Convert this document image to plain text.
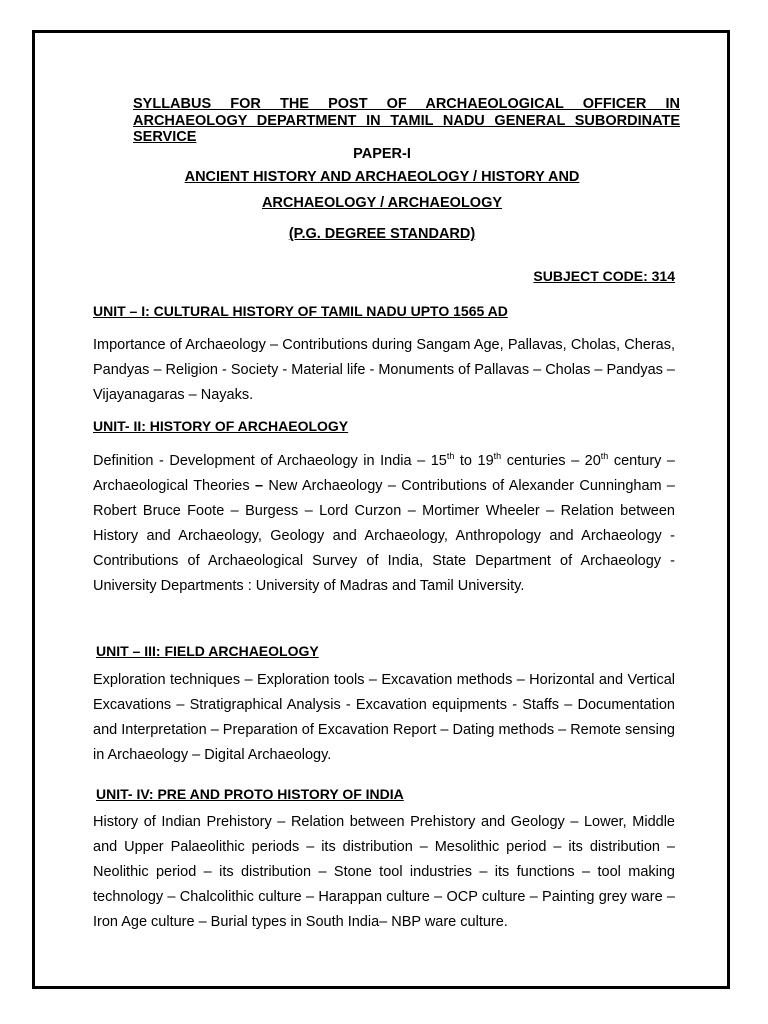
SYLLABUS FOR THE POST OF ARCHAEOLOGICAL OFFICER IN ARCHAEOLOGY DEPARTMENT IN TAMIL NADU GENERAL SUBORDINATE SERVICE
PAPER-I
ANCIENT HISTORY AND ARCHAEOLOGY / HISTORY AND
ARCHAEOLOGY / ARCHAEOLOGY
(P.G. DEGREE STANDARD)
SUBJECT CODE: 314
UNIT – I: CULTURAL HISTORY OF TAMIL NADU UPTO 1565 AD
Importance of Archaeology – Contributions during Sangam Age, Pallavas, Cholas, Cheras, Pandyas – Religion - Society - Material life - Monuments of Pallavas – Cholas – Pandyas – Vijayanagaras – Nayaks.
UNIT- II: HISTORY OF ARCHAEOLOGY
Definition - Development of Archaeology in India – 15th to 19th centuries – 20th century – Archaeological Theories – New Archaeology – Contributions of Alexander Cunningham – Robert Bruce Foote – Burgess – Lord Curzon – Mortimer Wheeler – Relation between History and Archaeology, Geology and Archaeology, Anthropology and Archaeology - Contributions of Archaeological Survey of India, State Department of Archaeology - University Departments : University of Madras and Tamil University.
UNIT – III: FIELD ARCHAEOLOGY
Exploration techniques – Exploration tools – Excavation methods – Horizontal and Vertical Excavations – Stratigraphical Analysis - Excavation equipments - Staffs – Documentation and Interpretation – Preparation of Excavation Report – Dating methods – Remote sensing in Archaeology – Digital Archaeology.
UNIT- IV: PRE AND PROTO HISTORY OF INDIA
History of Indian Prehistory – Relation between Prehistory and Geology – Lower, Middle and Upper Palaeolithic periods – its distribution – Mesolithic period – its distribution – Neolithic period – its distribution – Stone tool industries – its functions – tool making technology – Chalcolithic culture – Harappan culture – OCP culture – Painting grey ware – Iron Age culture – Burial types in South India– NBP ware culture.
